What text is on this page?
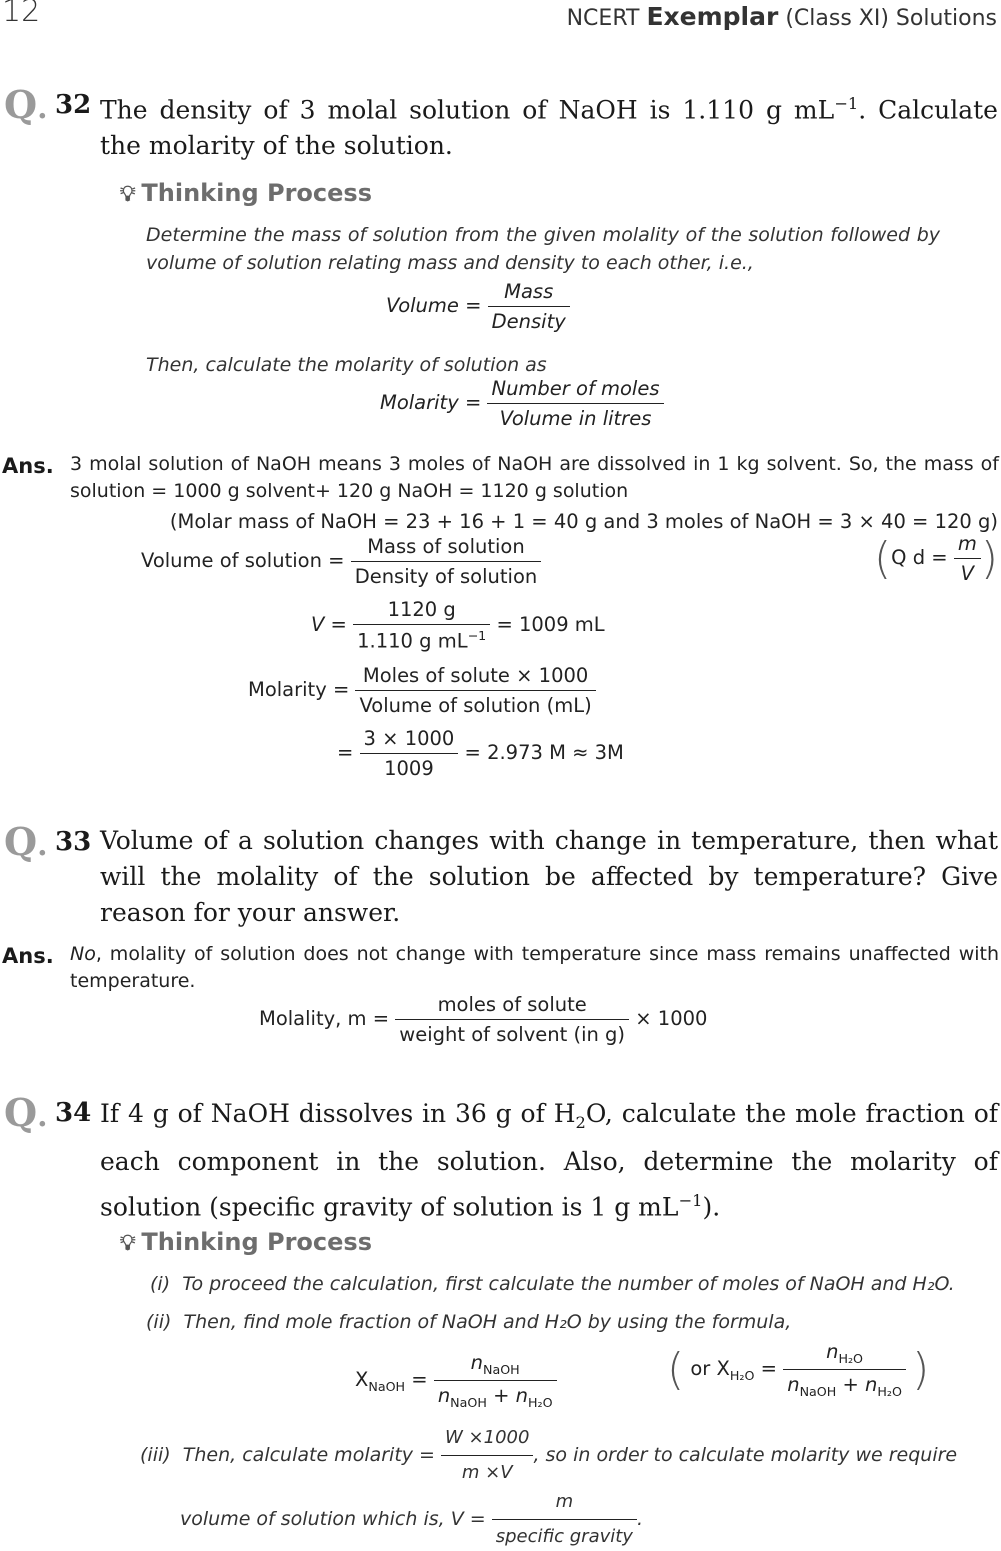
12	NCERT Exemplar (Class XI) Solutions
Q. 32 The density of 3 molal solution of NaOH is 1.110 g $mL^{-1}$. Calculate the molarity of the solution.
💡︎ Thinking Process
Determine the mass of solution from the given molality of the solution followed by volume of solution relating mass and density to each other, i.e.,
Volume = $\frac{\text{Mass}}{\text{Density}}$
Then, calculate the molarity of solution as
Molarity = $\frac{\text{Number of moles}}{\text{Volume in litres}}$
Ans. 3 molal solution of NaOH means 3 moles of NaOH are dissolved in 1 kg solvent. So, the mass of solution = 1000 g solvent+ 120 g NaOH = 1120 g solution
(Molar mass of NaOH = 23 + 16 + 1 = 40 g and 3 moles of NaOH = 3 × 40 = 120 g)
Volume of solution = $\frac{\text{Mass of solution}}{\text{Density of solution}}$	(Q $d = \frac{m}{V}$ )
$V = \frac{1120 g}{1.110 g mL^{-1}} = 1009$ mL
Molarity = $\frac{\text{Moles of solute × 1000}}{\text{Volume of solution (mL)}}$
= $\frac{3 \times 1000}{1009} = 2.973$ M ≈ 3M
Q. 33 Volume of a solution changes with change in temperature, then what will the molality of the solution be affected by temperature? Give reason for your answer.
Ans. No, molality of solution does not change with temperature since mass remains unaffected with temperature.
Molality, $m = \frac{\text{moles of solute}}{\text{weight of solvent (in g)}} \times 1000$
Q. 34 If 4 g of NaOH dissolves in 36 g of $H_2O$, calculate the mole fraction of each component in the solution. Also, determine the molarity of solution (specific gravity of solution is 1 g $mL^{-1}$).
💡︎ Thinking Process
(i) To proceed the calculation, first calculate the number of moles of NaOH and H₂O.
(ii) Then, find mole fraction of NaOH and H₂O by using the formula,
$X_{NaOH} = \frac{n_{NaOH}}{n_{NaOH} + n_{H_2O}}$	( or $X_{H_2O} = \frac{n_{H_2O}}{n_{NaOH} + n_{H_2O}}$ )
(iii) Then, calculate molarity = $\frac{W \times 1000}{m \times V}$ , so in order to calculate molarity we require
volume of solution which is, $V = \frac{m}{\text{specific gravity}}$ .
